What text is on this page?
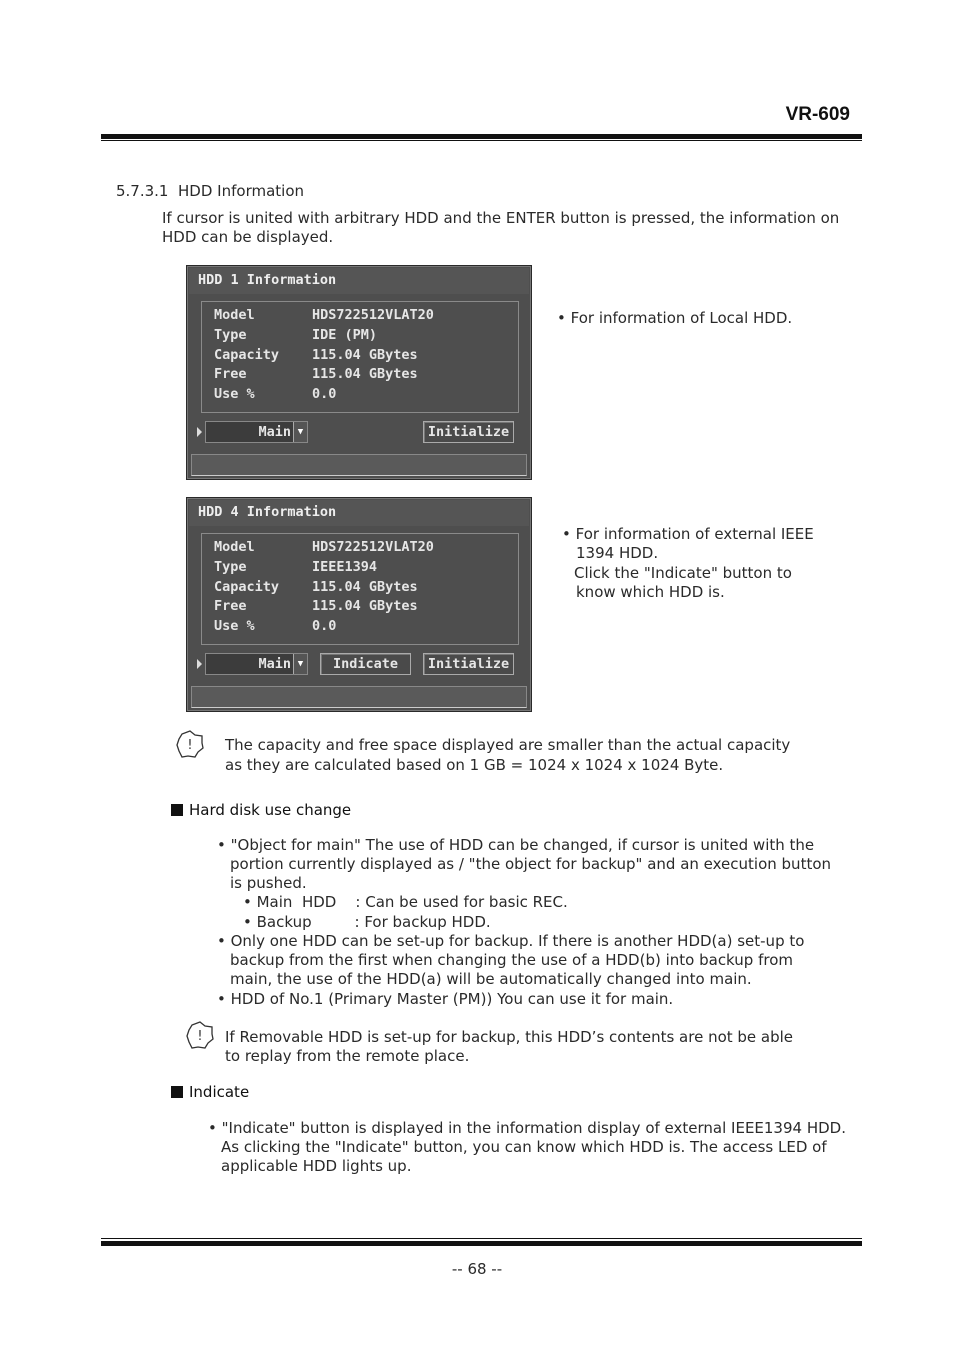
VR-609
5.7.3.1 HDD Information
If cursor is united with arbitrary HDD and the ENTER button is pressed, the information on
HDD can be displayed.
HDD 1 Information
Model	HDS722512VLAT20
Type	IDE (PM)
Capacity 115.04 GBytes
Free	115.04 GBytes
Use %	0.0
Main ▼	Initialize
• For information of Local HDD.
HDD 4 Information
Model	HDS722512VLAT20
Type	IEEE1394
Capacity 115.04 GBytes
Free	115.04 GBytes
Use %	0.0
Main ▼	Indicate	Initialize
• For information of external IEEE
1394 HDD.
Click the "Indicate" button to
know which HDD is.
! The capacity and free space displayed are smaller than the actual capacity
as they are calculated based on 1 GB = 1024 x 1024 x 1024 Byte.
Hard disk use change
• "Object for main" The use of HDD can be changed, if cursor is united with the
portion currently displayed as / "the object for backup" and an execution button
is pushed.
• Main  HDD    : Can be used for basic REC.
• Backup         : For backup HDD.
• Only one HDD can be set-up for backup. If there is another HDD(a) set-up to
backup from the first when changing the use of a HDD(b) into backup from
main, the use of the HDD(a) will be automatically changed into main.
• HDD of No.1 (Primary Master (PM)) You can use it for main.
! If Removable HDD is set-up for backup, this HDD’s contents are not be able
to replay from the remote place.
Indicate
• "Indicate" button is displayed in the information display of external IEEE1394 HDD.
As clicking the "Indicate" button, you can know which HDD is. The access LED of
applicable HDD lights up.
-- 68 --
